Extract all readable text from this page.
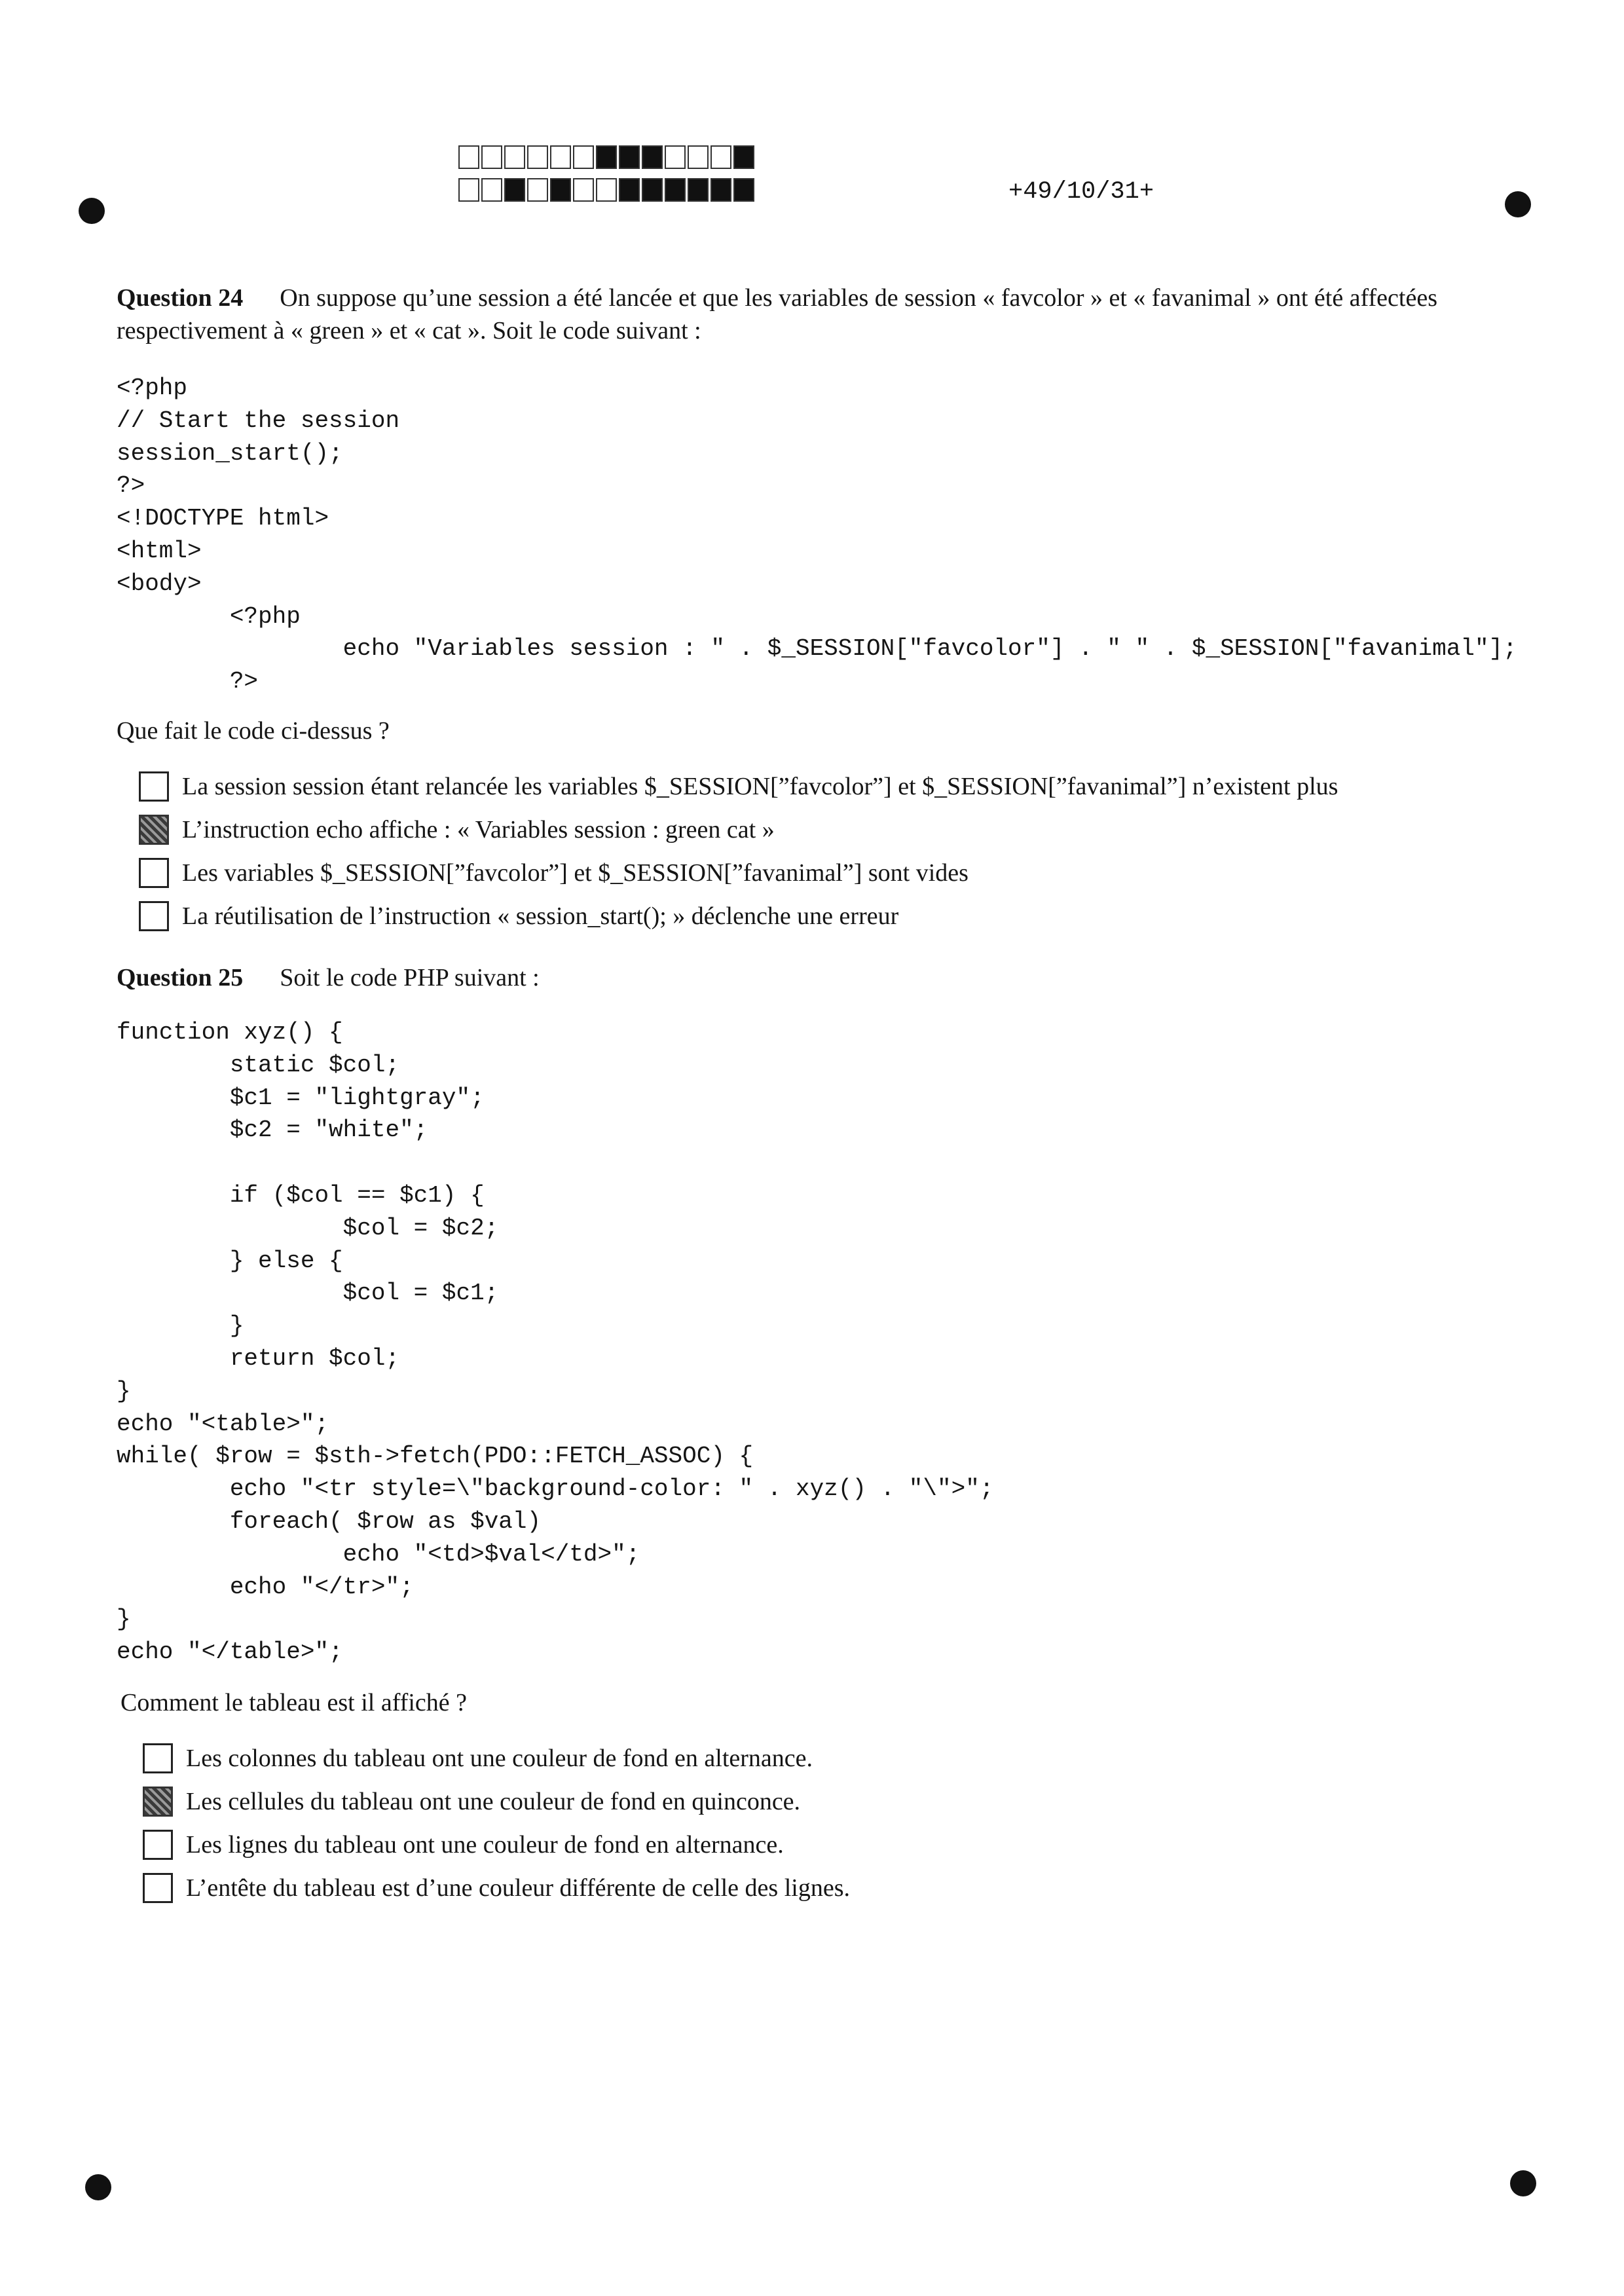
+49/10/31+
Question 24 On suppose qu’une session a été lancée et que les variables de session « favcolor » et « favanimal » ont été affectées respectivement à « green » et « cat ». Soit le code suivant :
<?php
// Start the session
session_start();
?>
<!DOCTYPE html>
<html>
<body>
<?php
echo "Variables session : " . $_SESSION["favcolor"] . " " . $_SESSION["favanimal"];
?>
Que fait le code ci-dessus ?
La session session étant relancée les variables $_SESSION[”favcolor”] et $_SESSION[”favanimal”] n’existent plus
L’instruction echo affiche : « Variables session : green cat »
Les variables $_SESSION[”favcolor”] et $_SESSION[”favanimal”] sont vides
La réutilisation de l’instruction « session_start(); » déclenche une erreur
Question 25 Soit le code PHP suivant :
function xyz() {
static $col;
$c1 = "lightgray";
$c2 = "white";

if ($col == $c1) {
$col = $c2;
} else {
$col = $c1;
}
return $col;
}
echo "<table>";
while( $row = $sth->fetch(PDO::FETCH_ASSOC) {
echo "<tr style=\"background-color: " . xyz() . "\">";
foreach( $row as $val)
echo "<td>$val</td>";
echo "</tr>";
}
echo "</table>";
Comment le tableau est il affiché ?
Les colonnes du tableau ont une couleur de fond en alternance.
Les cellules du tableau ont une couleur de fond en quinconce.
Les lignes du tableau ont une couleur de fond en alternance.
L’entête du tableau est d’une couleur différente de celle des lignes.
